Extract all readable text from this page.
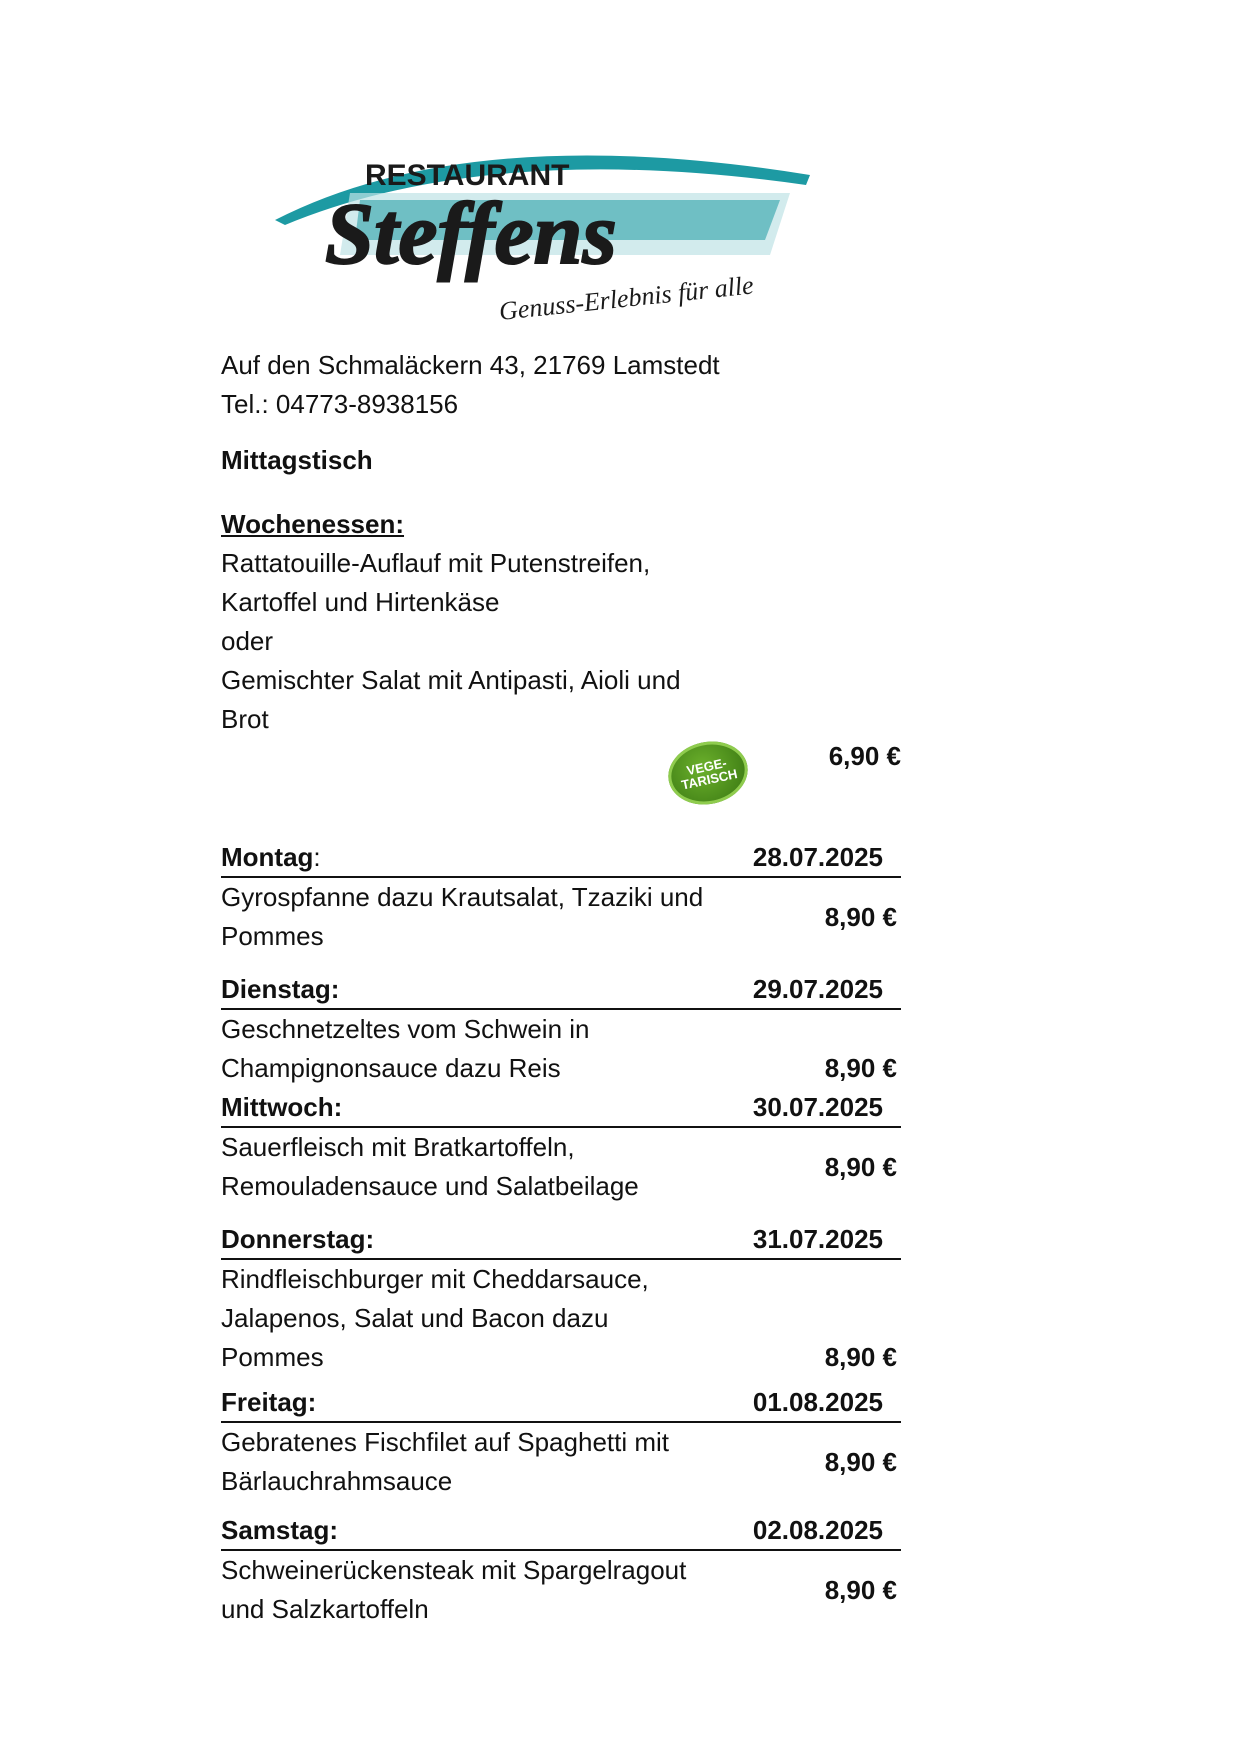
RESTAURANT
Steffens
Genuss-Erlebnis für alle
Auf den Schmaläckern 43, 21769 Lamstedt
Tel.: 04773-8938156
Mittagstisch
Wochenessen:
Rattatouille-Auflauf mit Putenstreifen,
Kartoffel und Hirtenkäse
oder
Gemischter Salat mit Antipasti, Aioli und
Brot
VEGE-TARISCH
6,90 €
Montag:	28.07.2025
Gyrospfanne dazu Krautsalat, Tzaziki und
Pommes
8,90 €
Dienstag:	29.07.2025
Geschnetzeltes vom Schwein in
Champignonsauce dazu Reis	8,90 €
Mittwoch:	30.07.2025
Sauerfleisch mit Bratkartoffeln,
Remouladensauce und Salatbeilage
8,90 €
Donnerstag:	31.07.2025
Rindfleischburger mit Cheddarsauce,
Jalapenos, Salat und Bacon dazu
Pommes	8,90 €
Freitag:	01.08.2025
Gebratenes Fischfilet auf Spaghetti mit
Bärlauchrahmsauce
8,90 €
Samstag:	02.08.2025
Schweinerückensteak mit Spargelragout
und Salzkartoffeln
8,90 €
